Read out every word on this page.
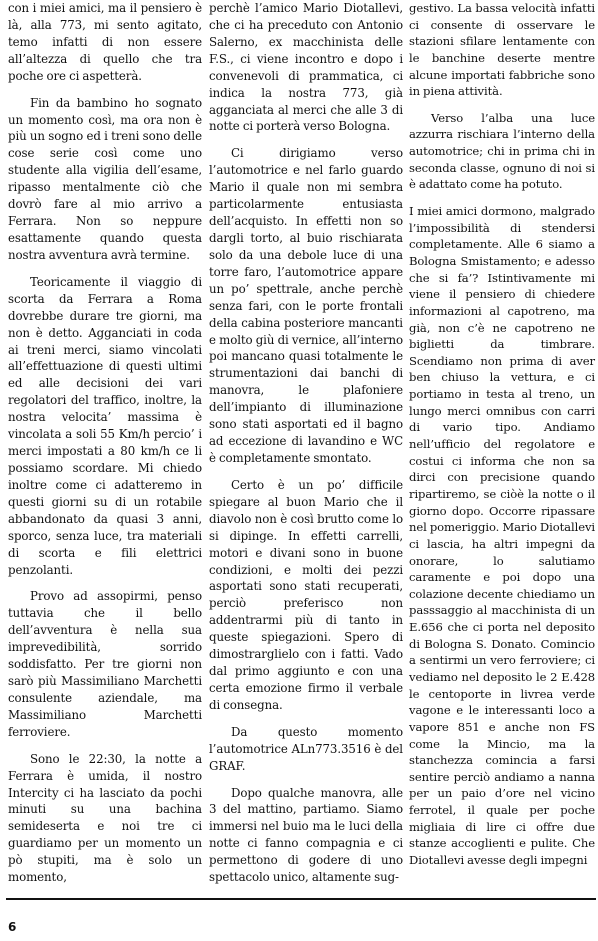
con i miei amici, ma il pensiero è là, alla 773, mi sento agitato, temo infatti di non essere all’altezza di quello che tra poche ore ci aspetterà.

Fin da bambino ho sognato un momento così, ma ora non è più un sogno ed i treni sono delle cose serie così come uno studente alla vigilia dell’esame, ripasso mentalmente ciò che dovrò fare al mio arrivo a Ferrara. Non so neppure esattamente quando questa nostra avventura avrà termine.

Teoricamente il viaggio di scorta da Ferrara a Roma dovrebbe durare tre giorni, ma non è detto. Agganciati in coda ai treni merci, siamo vincolati all’effettuazione di questi ultimi ed alle decisioni dei vari regolatori del traffico, inoltre, la nostra velocita’ massima è vincolata a soli 55 Km/h percio’ i merci impostati a 80 km/h ce li possiamo scordare. Mi chiedo inoltre come ci adatteremo in questi giorni su di un rotabile abbandonato da quasi 3 anni, sporco, senza luce, tra materiali di scorta e fili elettrici penzolanti.

Provo ad assopirmi, penso tuttavia che il bello dell’avventura è nella sua imprevedibilità, sorrido soddisfatto. Per tre giorni non sarò più Massimiliano Marchetti consulente aziendale, ma Massimiliano Marchetti ferroviere.

Sono le 22:30, la notte a Ferrara è umida, il nostro Intercity ci ha lasciato da pochi minuti su una bachina semideserta e noi tre ci guardiamo per un momento un pò stupiti, ma è solo un momento,

perchè l’amico Mario Diotallevi, che ci ha preceduto con Antonio Salerno, ex macchinista delle F.S., ci viene incontro e dopo i convenevoli di prammatica, ci indica la nostra 773, già agganciata al merci che alle 3 di notte ci porterà verso Bologna.

Ci dirigiamo verso l’automotrice e nel farlo guardo Mario il quale non mi sembra particolarmente entusiasta dell’acquisto. In effetti non so dargli torto, al buio rischiarata solo da una debole luce di una torre faro, l’automotrice appare un po’ spettrale, anche perchè senza fari, con le porte frontali della cabina posteriore mancanti e molto giù di vernice, all’interno poi mancano quasi totalmente le strumentazioni dai banchi di manovra, le plafoniere dell’impianto di illuminazione sono stati asportati ed il bagno ad eccezione di lavandino e WC è completamente smontato.

Certo è un po’ difficile spiegare al buon Mario che il diavolo non è così brutto come lo si dipinge. In effetti carrelli, motori e divani sono in buone condizioni, e molti dei pezzi asportati sono stati recuperati, perciò preferisco non addentrarmi più di tanto in queste spiegazioni. Spero di dimostrarglielo con i fatti. Vado dal primo aggiunto e con una certa emozione firmo il verbale di consegna.

Da questo momento l’automotrice ALn773.3516 è del GRAF.

Dopo qualche manovra, alle 3 del mattino, partiamo. Siamo immersi nel buio ma le luci della notte ci fanno compagnia e ci permettono di godere di uno spettacolo unico, altamente sug-

gestivo. La bassa velocità infatti ci consente di osservare le stazioni sfilare lentamente con le banchine deserte mentre alcune importati fabbriche sono in piena attività.

Verso l’alba una luce azzurra rischiara l’interno della automotrice; chi in prima chi in seconda classe, ognuno di noi si è adattato come ha potuto.

I miei amici dormono, malgrado l’impossibilità di stendersi completamente. Alle 6 siamo a Bologna Smistamento; e adesso che si fa’? Istintivamente mi viene il pensiero di chiedere informazioni al capotreno, ma già, non c’è ne capotreno ne biglietti da timbrare. Scendiamo non prima di aver ben chiuso la vettura, e ci portiamo in testa al treno, un lungo merci omnibus con carri di vario tipo. Andiamo nell’ufficio del regolatore e costui ci informa che non sa dirci con precisione quando ripartiremo, se ciòè la notte o il giorno dopo. Occorre ripassare nel pomeriggio. Mario Diotallevi ci lascia, ha altri impegni da onorare, lo salutiamo caramente e poi dopo una colazione decente chiediamo un passsaggio al macchinista di un E.656 che ci porta nel deposito di Bologna S. Donato. Comincio a sentirmi un vero ferroviere; ci vediamo nel deposito le 2 E.428 le centoporte in livrea verde vagone e le interessanti loco a vapore 851 e anche non FS come la Mincio, ma la stanchezza comincia a farsi sentire perciò andiamo a nanna per un paio d’ore nel vicino ferrotel, il quale per poche migliaia di lire ci offre due stanze accoglienti e pulite. Che Diotallevi avesse degli impegni

6
